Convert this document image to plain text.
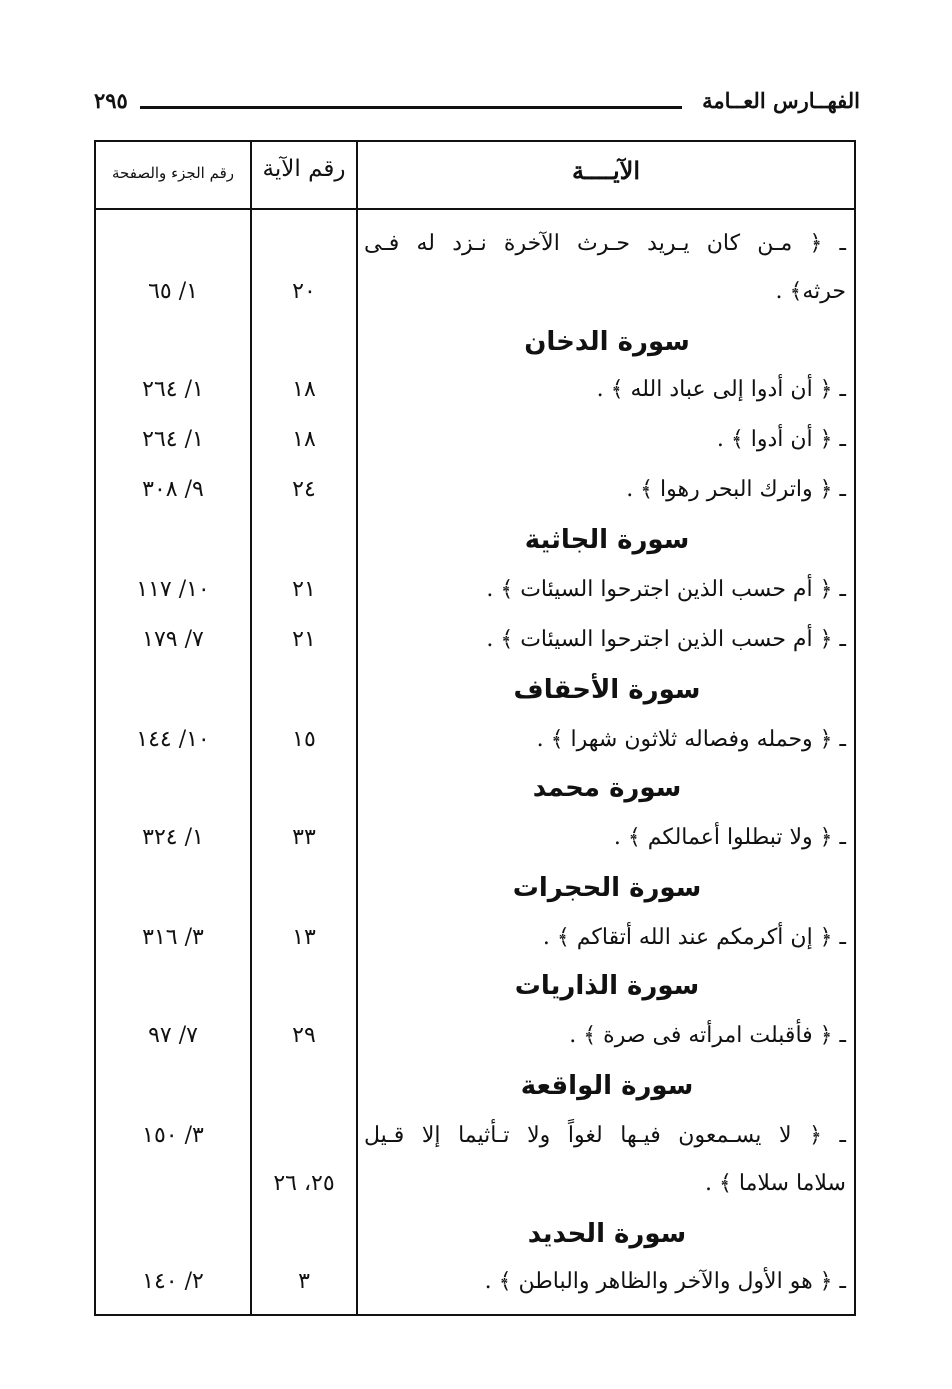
الفهــارس العــامة
٢٩٥
الآيــــة
رقم الآية
رقم الجزء والصفحة
ـ ﴿ مـن كان يـريد حـرث الآخرة نـزد له فـى
حرثه﴾ .
٢٠
١/ ٦٥
سورة الدخان
ـ ﴿ أن أدوا إلى عباد الله ﴾ .
١٨
١/ ٢٦٤
ـ ﴿ أن أدوا ﴾ .
١٨
١/ ٢٦٤
ـ ﴿ واترك البحر رهوا ﴾ .
٢٤
٩/ ٣٠٨
سورة الجاثية
ـ ﴿ أم حسب الذين اجترحوا السيئات ﴾ .
٢١
١٠/ ١١٧
ـ ﴿ أم حسب الذين اجترحوا السيئات ﴾ .
٢١
٧/ ١٧٩
سورة الأحقاف
ـ ﴿ وحمله وفصاله ثلاثون شهرا ﴾ .
١٥
١٠/ ١٤٤
سورة محمد
ـ ﴿ ولا تبطلوا أعمالكم ﴾ .
٣٣
١/ ٣٢٤
سورة الحجرات
ـ ﴿ إن أكرمكم عند الله أتقاكم ﴾ .
١٣
٣/ ٣١٦
سورة الذاريات
ـ ﴿ فأقبلت امرأته فى صرة ﴾ .
٢٩
٧/ ٩٧
سورة الواقعة
ـ ﴿ لا يسـمعون فيـها لغواً ولا تـأثيما إلا قـيل
٣/ ١٥٠
سلاما سلاما ﴾ .
٢٥، ٢٦
سورة الحديد
ـ ﴿ هو الأول والآخر والظاهر والباطن ﴾ .
٣
٢/ ١٤٠
